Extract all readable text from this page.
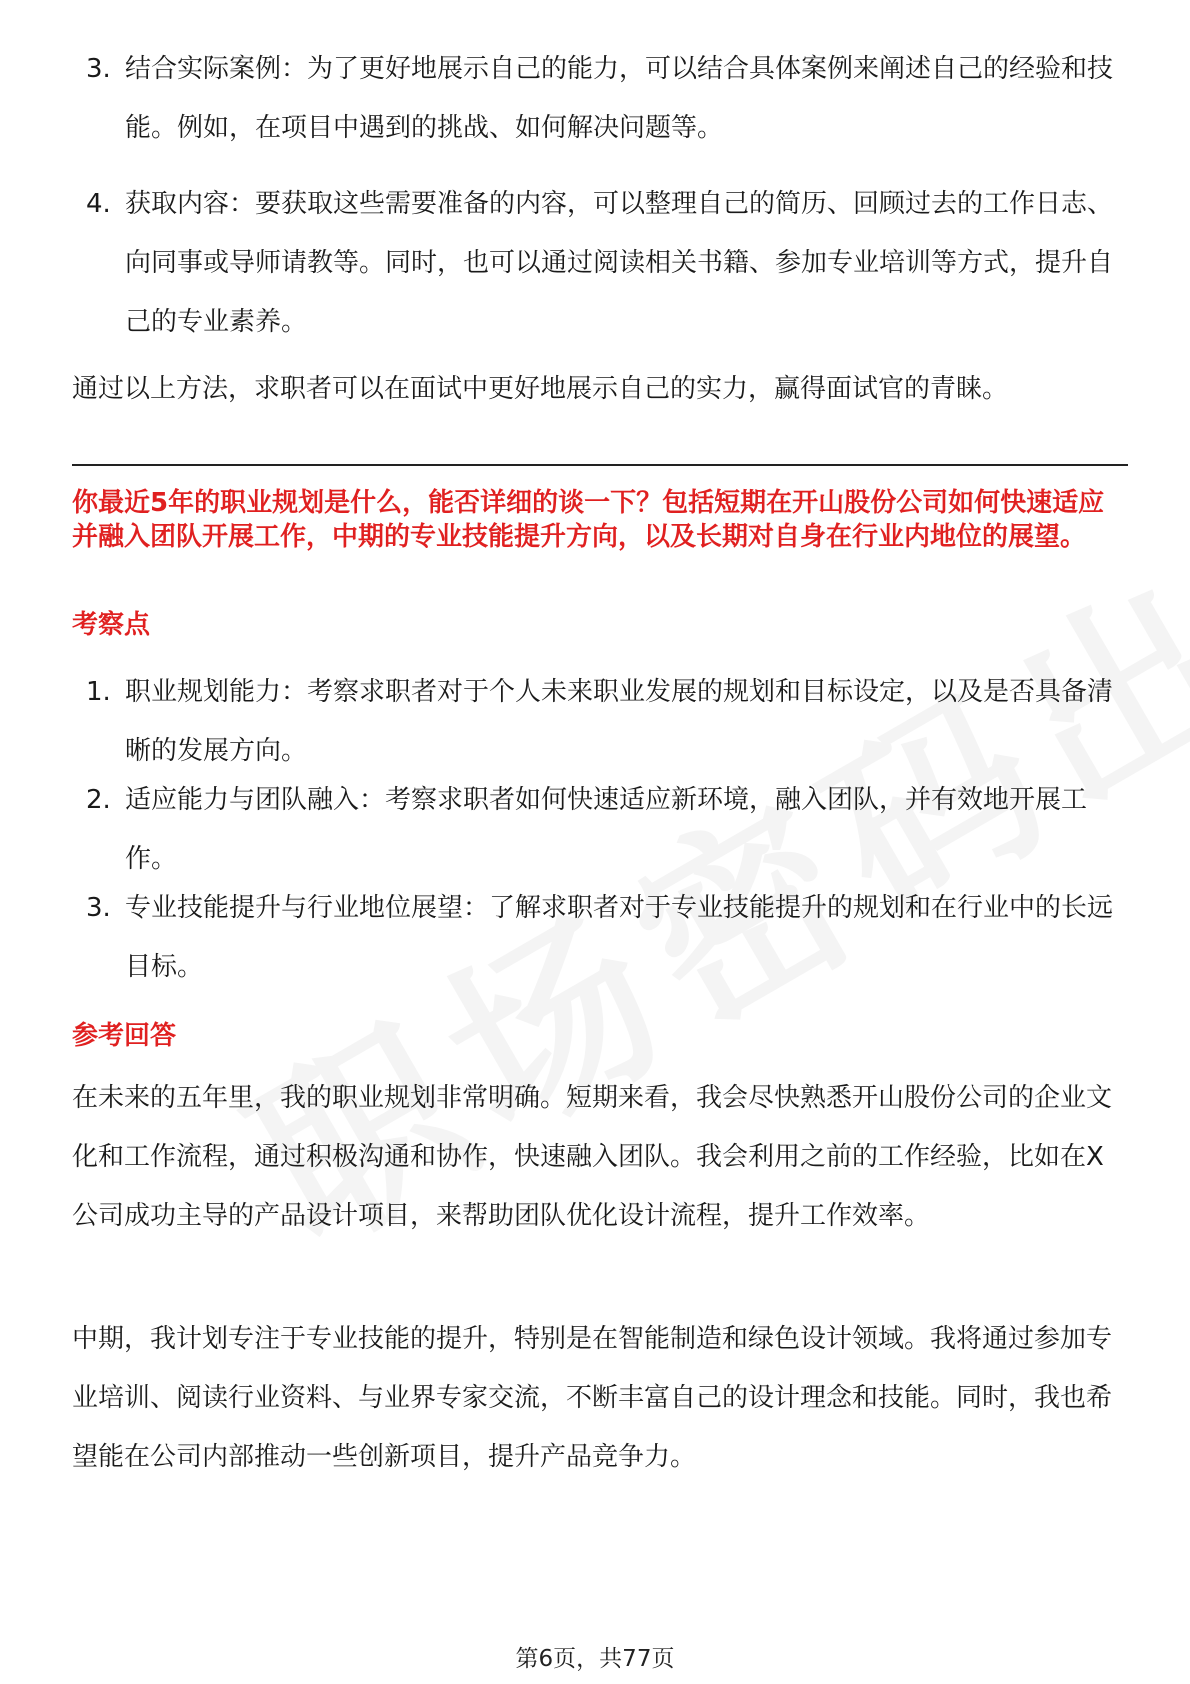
3. 结合实际案例：为了更好地展示自己的能力，可以结合具体案例来阐述自己的经验和技能。例如，在项目中遇到的挑战、如何解决问题等。
4. 获取内容：要获取这些需要准备的内容，可以整理自己的简历、回顾过去的工作日志、向同事或导师请教等。同时，也可以通过阅读相关书籍、参加专业培训等方式，提升自己的专业素养。

通过以上方法，求职者可以在面试中更好地展示自己的实力，赢得面试官的青睐。

你最近5年的职业规划是什么，能否详细的谈一下？包括短期在开山股份公司如何快速适应并融入团队开展工作，中期的专业技能提升方向，以及长期对自身在行业内地位的展望。

考察点

1. 职业规划能力：考察求职者对于个人未来职业发展的规划和目标设定，以及是否具备清晰的发展方向。
2. 适应能力与团队融入：考察求职者如何快速适应新环境，融入团队，并有效地开展工作。
3. 专业技能提升与行业地位展望：了解求职者对于专业技能提升的规划和在行业中的长远目标。

参考回答

在未来的五年里，我的职业规划非常明确。短期来看，我会尽快熟悉开山股份公司的企业文化和工作流程，通过积极沟通和协作，快速融入团队。我会利用之前的工作经验，比如在X公司成功主导的产品设计项目，来帮助团队优化设计流程，提升工作效率。

中期，我计划专注于专业技能的提升，特别是在智能制造和绿色设计领域。我将通过参加专业培训、阅读行业资料、与业界专家交流，不断丰富自己的设计理念和技能。同时，我也希望能在公司内部推动一些创新项目，提升产品竞争力。

第6页，共77页
